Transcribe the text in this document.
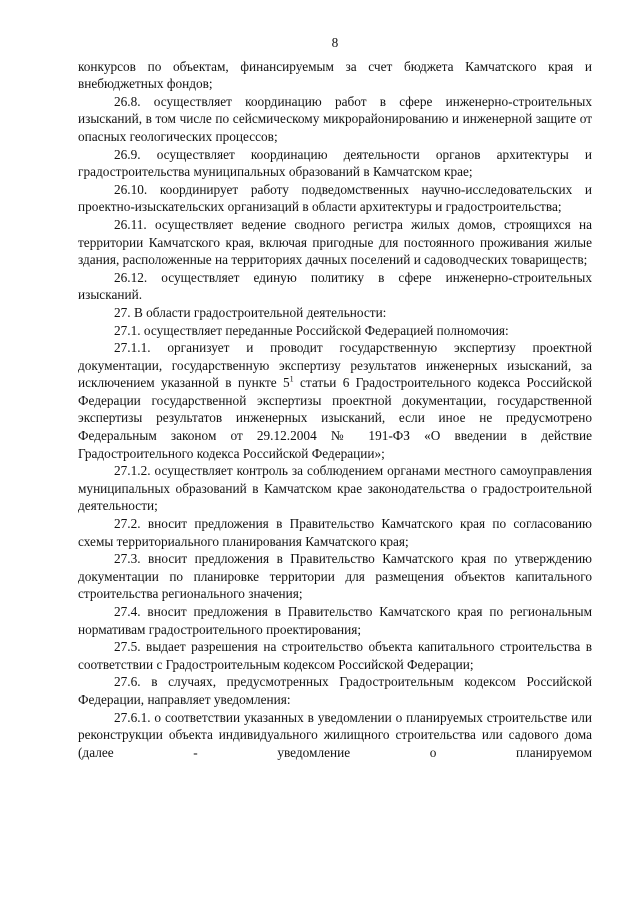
8

конкурсов по объектам, финансируемым за счет бюджета Камчатского края и внебюджетных фондов;

26.8. осуществляет координацию работ в сфере инженерно-строительных изысканий, в том числе по сейсмическому микрорайонированию и инженерной защите от опасных геологических процессов;

26.9. осуществляет координацию деятельности органов архитектуры и градостроительства муниципальных образований в Камчатском крае;

26.10. координирует работу подведомственных научно-исследовательских и проектно-изыскательских организаций в области архитектуры и градостроительства;

26.11. осуществляет ведение сводного регистра жилых домов, строящихся на территории Камчатского края, включая пригодные для постоянного проживания жилые здания, расположенные на территориях дачных поселений и садоводческих товариществ;

26.12. осуществляет единую политику в сфере инженерно-строительных изысканий.

27. В области градостроительной деятельности:

27.1. осуществляет переданные Российской Федерацией полномочия:

27.1.1. организует и проводит государственную экспертизу проектной документации, государственную экспертизу результатов инженерных изысканий, за исключением указанной в пункте $5^1$ статьи 6 Градостроительного кодекса Российской Федерации государственной экспертизы проектной документации, государственной экспертизы результатов инженерных изысканий, если иное не предусмотрено Федеральным законом от 29.12.2004 № 191-ФЗ «О введении в действие Градостроительного кодекса Российской Федерации»;

27.1.2. осуществляет контроль за соблюдением органами местного самоуправления муниципальных образований в Камчатском крае законодательства о градостроительной деятельности;

27.2. вносит предложения в Правительство Камчатского края по согласованию схемы территориального планирования Камчатского края;

27.3. вносит предложения в Правительство Камчатского края по утверждению документации по планировке территории для размещения объектов капитального строительства регионального значения;

27.4. вносит предложения в Правительство Камчатского края по региональным нормативам градостроительного проектирования;

27.5. выдает разрешения на строительство объекта капитального строительства в соответствии с Градостроительным кодексом Российской Федерации;

27.6. в случаях, предусмотренных Градостроительным кодексом Российской Федерации, направляет уведомления:

27.6.1. о соответствии указанных в уведомлении о планируемых строительстве или реконструкции объекта индивидуального жилищного строительства или садового дома (далее - уведомление о планируемом
